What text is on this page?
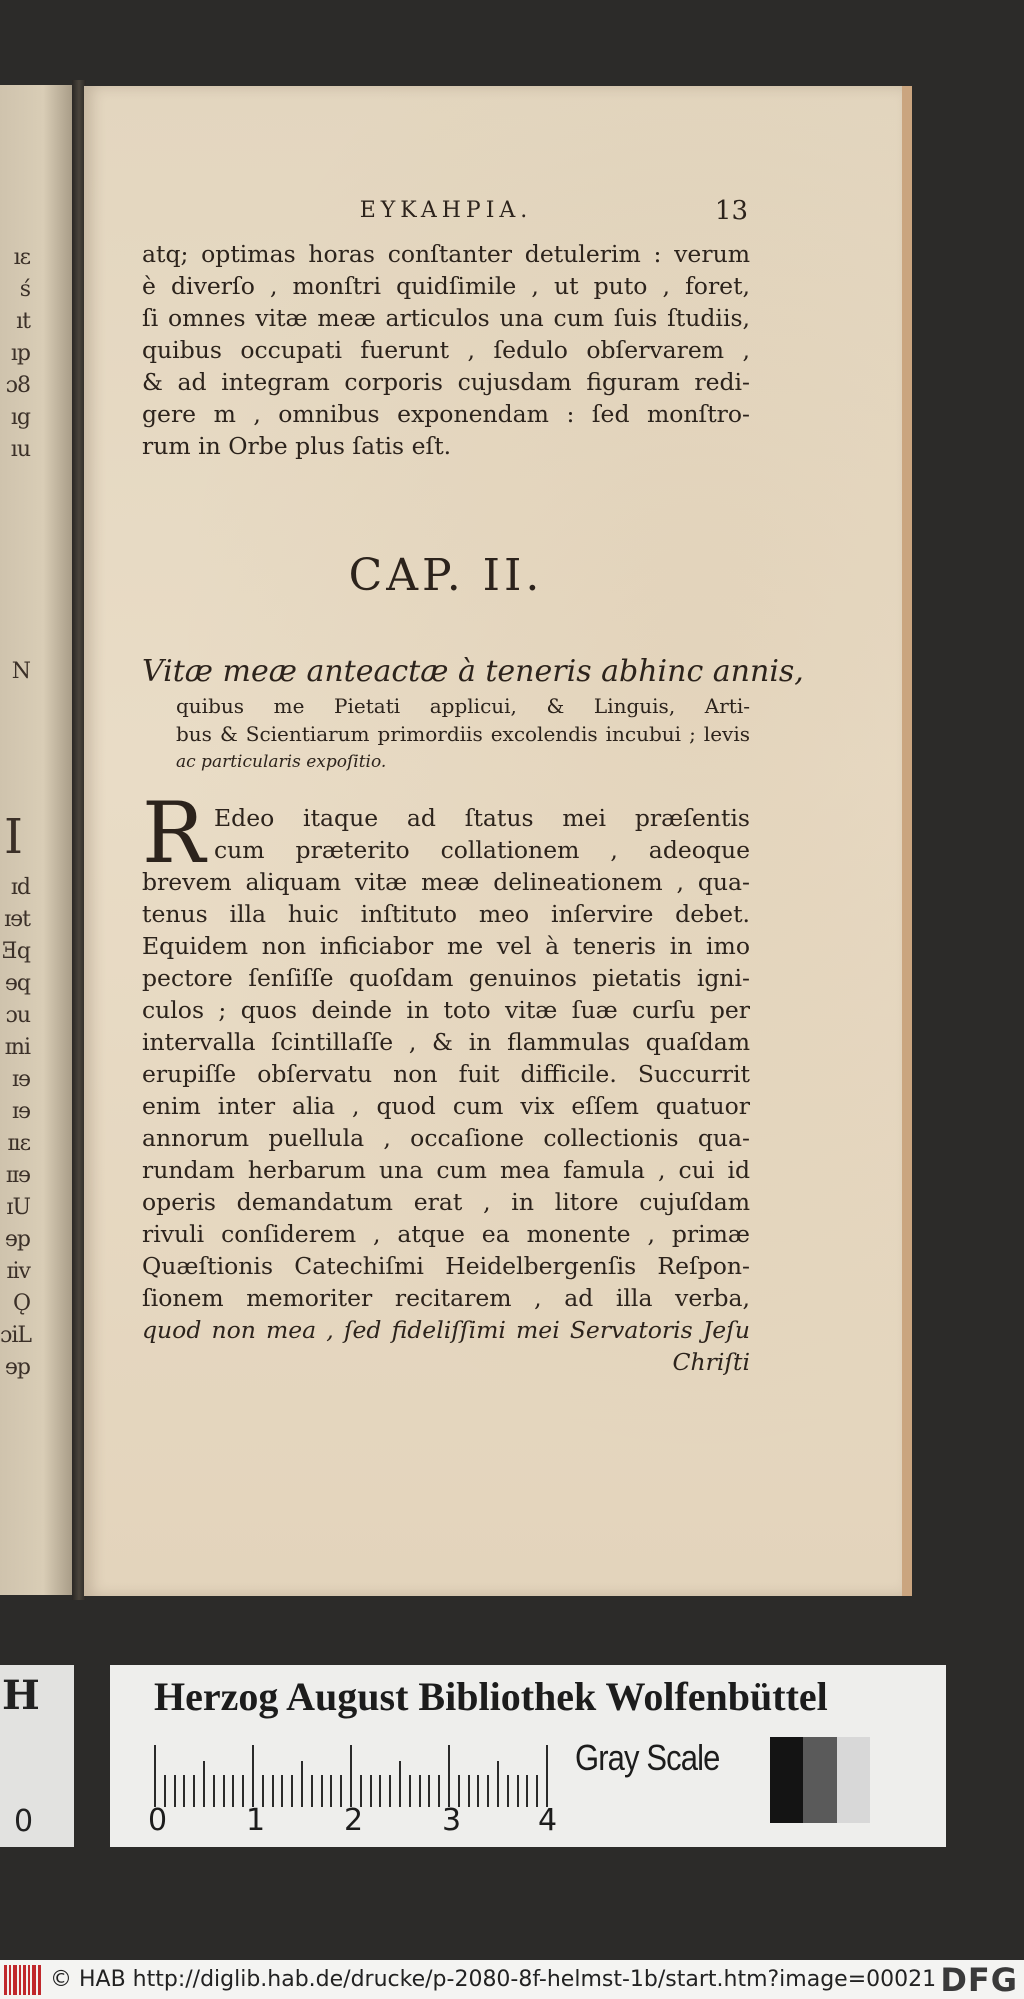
ıε
ś
ıt
ıp
ɔ8
ıg
ıu
N
I
ɪd
ɪɘt
Ǝq
ɘq
ɔu
ɪni
ɪɘ
ɪɘ
ɪıɛ
ɪɪɘ
ɪU
ɘp
ɪiv
Ǫ
ɔiL
ɘp
EYKAHPIA.	13
atq; optimas horas conſtanter detulerim : verum
è diverſo , monſtri quidſimile , ut puto , foret,
ſi omnes vitæ meæ articulos una cum ſuis ſtudiis,
quibus occupati fuerunt , ſedulo obſervarem ,
& ad integram corporis cujusdam figuram redi-
gere m , omnibus exponendam : ſed monſtro-
rum in Orbe plus ſatis eſt.
CAP. II.
Vitæ meæ anteactæ à teneris abhinc annis,
quibus me Pietati applicui, & Linguis, Arti-
bus & Scientiarum primordiis excolendis incubui ; levis
ac particularis expoſitio.
R Edeo itaque ad ſtatus mei præſentis
cum præterito collationem , adeoque
brevem aliquam vitæ meæ delineationem , qua-
tenus illa huic inſtituto meo inſervire debet.
Equidem non inficiabor me vel à teneris in imo
pectore ſenſiſſe quoſdam genuinos pietatis igni-
culos ; quos deinde in toto vitæ ſuæ curſu per
intervalla ſcintillaſſe , & in flammulas quaſdam
erupiſſe obſervatu non fuit difficile. Succurrit
enim inter alia , quod cum vix eſſem quatuor
annorum puellula , occaſione collectionis qua-
rundam herbarum una cum mea famula , cui id
operis demandatum erat , in litore cujuſdam
rivuli conſiderem , atque ea monente , primæ
Quæſtionis Catechiſmi Heidelbergenſis Reſpon-
ſionem memoriter recitarem , ad illa verba,
quod non mea , ſed fideliſſimi mei Servatoris Jeſu
Chriſti
H
0
Herzog August Bibliothek Wolfenbüttel
0	1	2	3	4
Gray Scale
© HAB http://diglib.hab.de/drucke/p-2080-8f-helmst-1b/start.htm?image=00021 DFG
